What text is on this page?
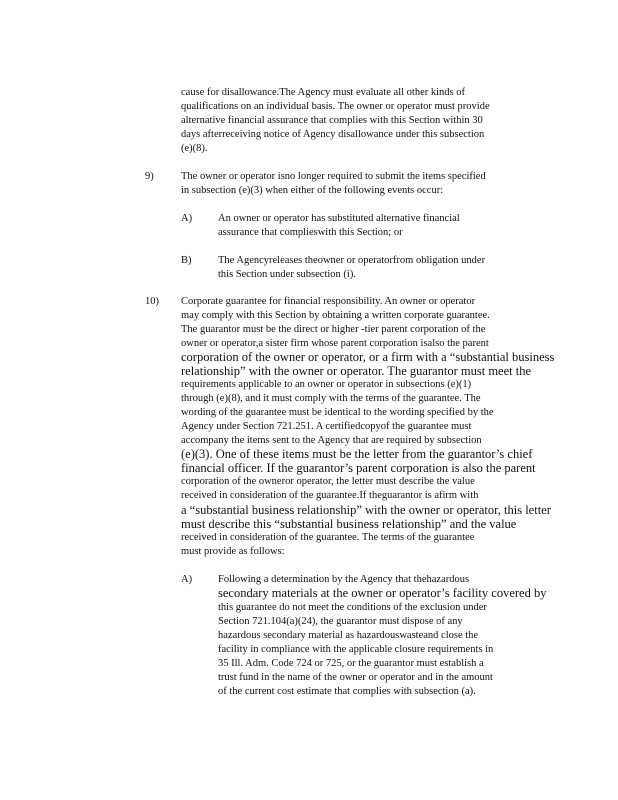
cause for disallowance.The Agency must evaluate all other kinds of
qualifications on an individual basis. The owner or operator must provide
alternative financial assurance that complies with this Section within 30
days afterreceiving notice of Agency disallowance under this subsection
(e)(8).
9)	The owner or operator isno longer required to submit the items specified
in subsection (e)(3) when either of the following events occur:
A) An owner or operator has substituted alternative financial
assurance that complieswith this Section; or
B)	The Agencyreleases theowner or operatorfrom obligation under
this Section under subsection (i).
10) Corporate guarantee for financial responsibility. An owner or operator
may comply with this Section by obtaining a written corporate guarantee.
The guarantor must be the direct or higher -tier parent corporation of the
owner or operator,a sister firm whose parent corporation isalso the parent
corporation of the owner or operator, or a firm with a “substantial business
relationship” with the owner or operator. The guarantor must meet the
requirements applicable to an owner or operator in subsections (e)(1)
through (e)(8), and it must comply with the terms of the guarantee. The
wording of the guarantee must be identical to the wording specified by the
Agency under Section 721.251. A certifiedcopyof the guarantee must
accompany the items sent to the Agency that are required by subsection
(e)(3). One of these items must be the letter from the guarantor’s chief
financial officer. If the guarantor’s parent corporation is also the parent
corporation of the owneror operator, the letter must describe the value
received in consideration of the guarantee.If theguarantor is afirm with
a “substantial business relationship” with the owner or operator, this letter
must describe this “substantial business relationship” and the value
received in consideration of the guarantee. The terms of the guarantee
must provide as follows:
A) Following a determination by the Agency that thehazardous
secondary materials at the owner or operator’s facility covered by
this guarantee do not meet the conditions of the exclusion under
Section 721.104(a)(24), the guarantor must dispose of any
hazardous secondary material as hazardouswasteand close the
facility in compliance with the applicable closure requirements in
35 Ill. Adm. Code 724 or 725, or the guarantor must establish a
trust fund in the name of the owner or operator and in the amount
of the current cost estimate that complies with subsection (a).
